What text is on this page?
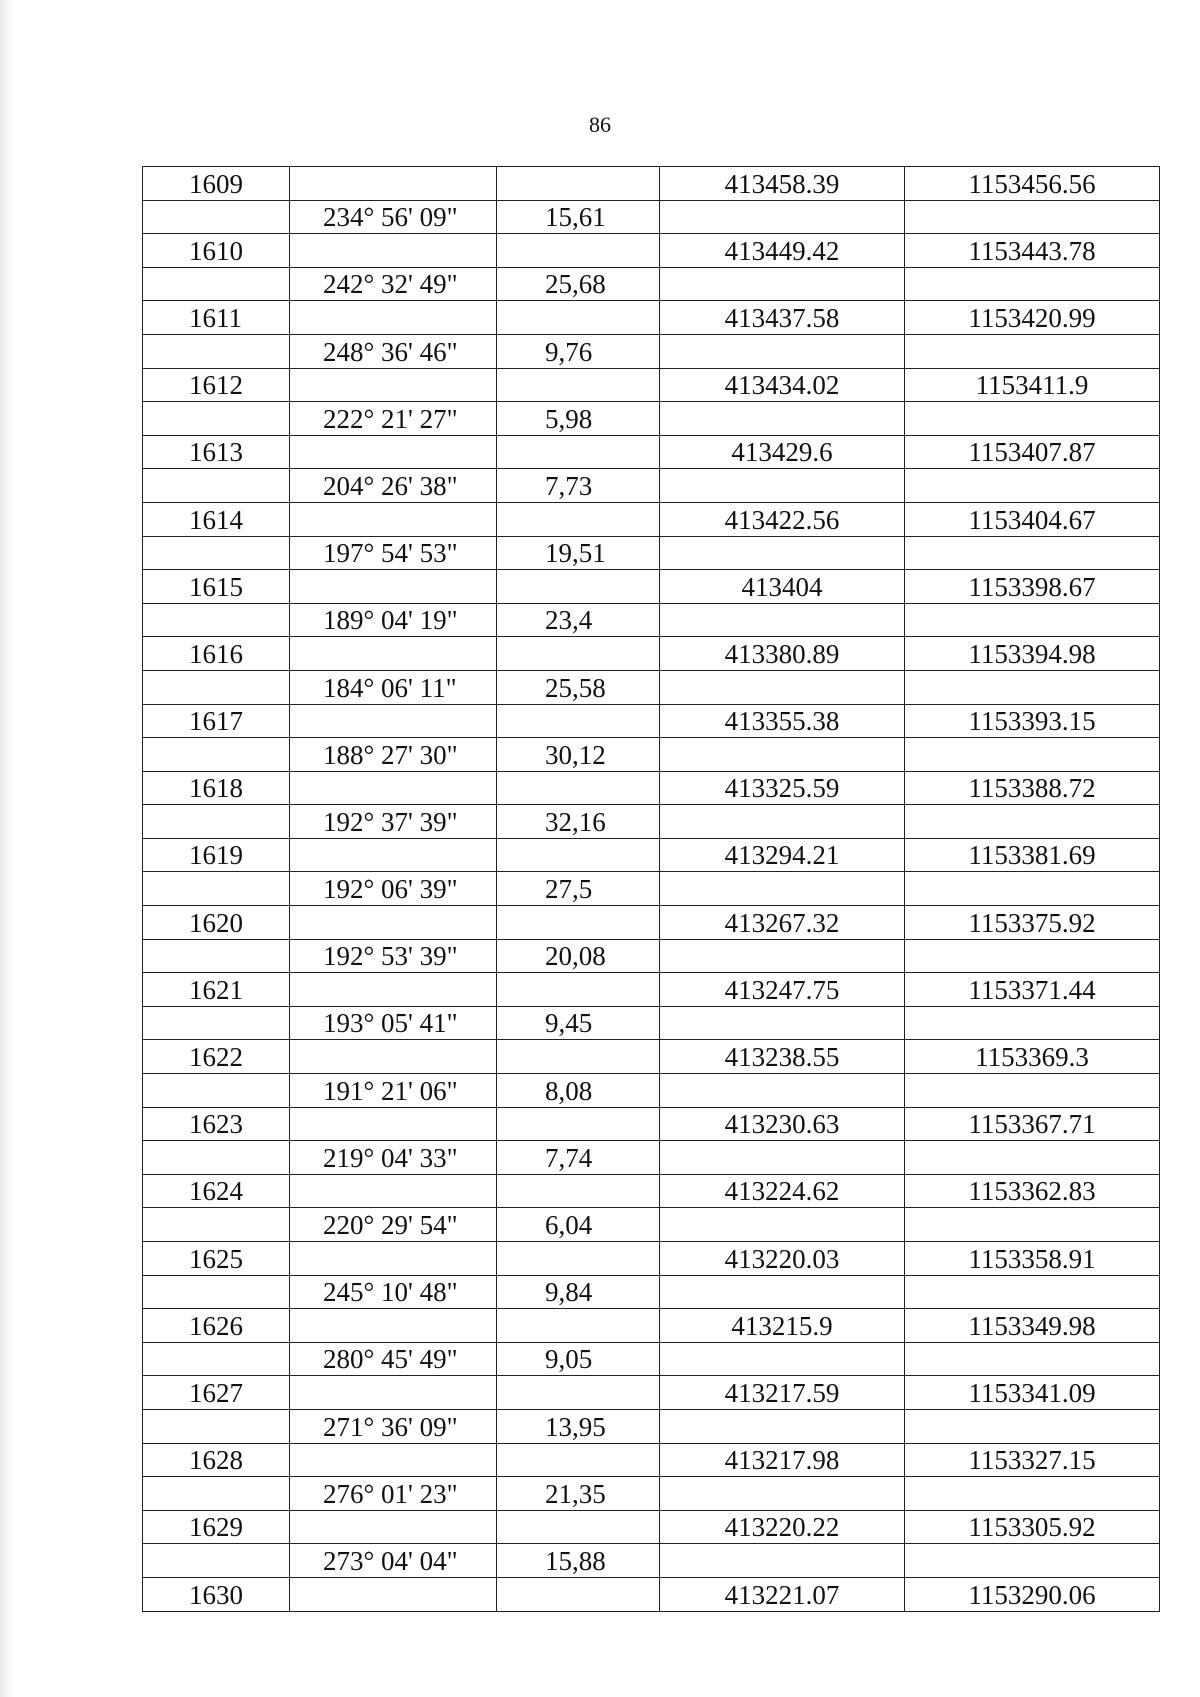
86
1609			413458.39	1153456.56
	234° 56' 09"	15,61		
1610			413449.42	1153443.78
	242° 32' 49"	25,68		
1611			413437.58	1153420.99
	248° 36' 46"	9,76		
1612			413434.02	1153411.9
	222° 21' 27"	5,98		
1613			413429.6	1153407.87
	204° 26' 38"	7,73		
1614			413422.56	1153404.67
	197° 54' 53"	19,51		
1615			413404	1153398.67
	189° 04' 19"	23,4		
1616			413380.89	1153394.98
	184° 06' 11"	25,58		
1617			413355.38	1153393.15
	188° 27' 30"	30,12		
1618			413325.59	1153388.72
	192° 37' 39"	32,16		
1619			413294.21	1153381.69
	192° 06' 39"	27,5		
1620			413267.32	1153375.92
	192° 53' 39"	20,08		
1621			413247.75	1153371.44
	193° 05' 41"	9,45		
1622			413238.55	1153369.3
	191° 21' 06"	8,08		
1623			413230.63	1153367.71
	219° 04' 33"	7,74		
1624			413224.62	1153362.83
	220° 29' 54"	6,04		
1625			413220.03	1153358.91
	245° 10' 48"	9,84		
1626			413215.9	1153349.98
	280° 45' 49"	9,05		
1627			413217.59	1153341.09
	271° 36' 09"	13,95		
1628			413217.98	1153327.15
	276° 01' 23"	21,35		
1629			413220.22	1153305.92
	273° 04' 04"	15,88		
1630			413221.07	1153290.06
